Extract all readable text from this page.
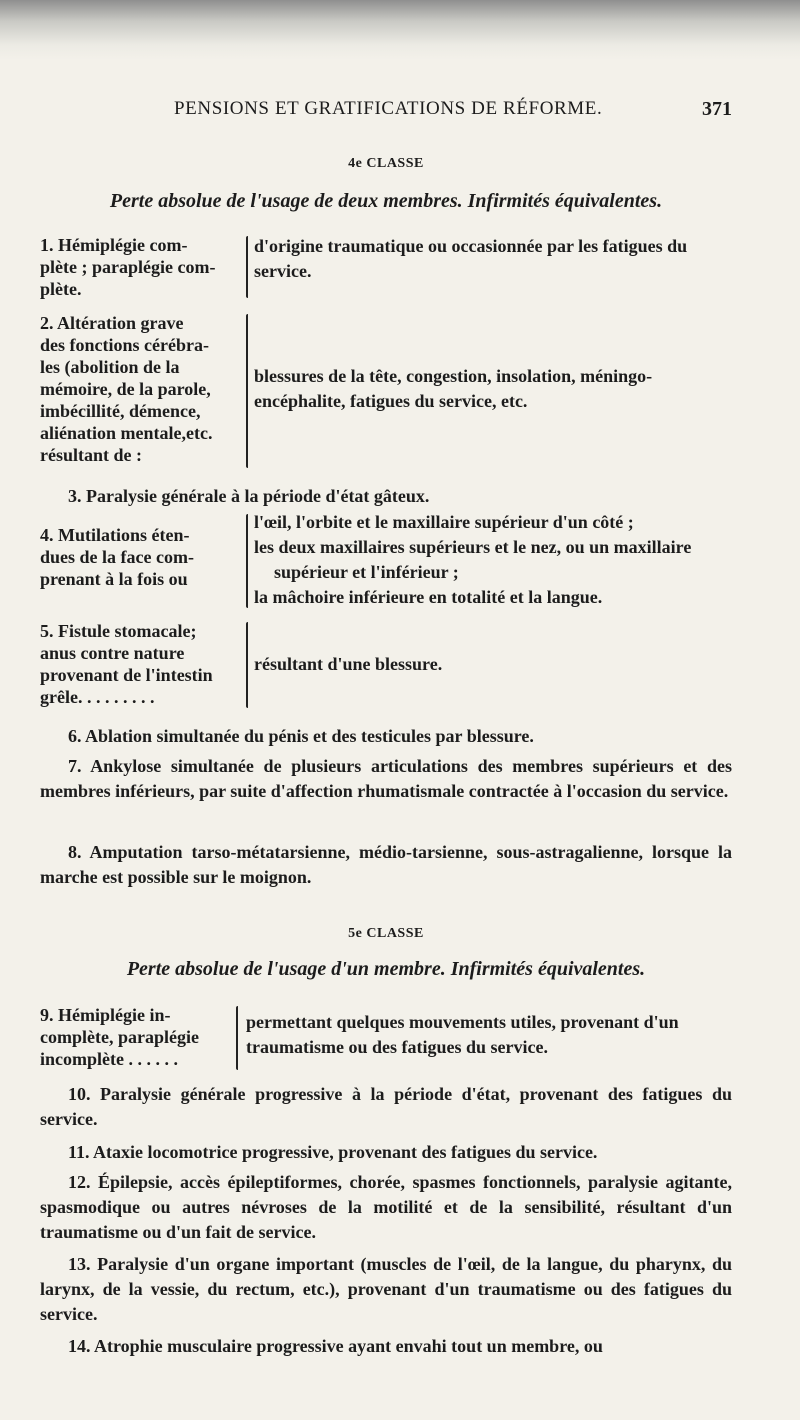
PENSIONS ET GRATIFICATIONS DE RÉFORME.	371
4e CLASSE
Perte absolue de l'usage de deux membres. Infirmités équivalentes.
1. Hémiplégie com-
plète ; paraplégie com-
plète.
d'origine traumatique ou occasionnée par les fatigues du service.
2. Altération grave
des fonctions cérébra-
les (abolition de la
mémoire, de la parole,
imbécillité, démence,
aliénation mentale,etc.
résultant de :
blessures de la tête, congestion, insolation, méningo-encéphalite, fatigues du service, etc.
3. Paralysie générale à la période d'état gâteux.
4. Mutilations éten-
dues de la face com-
prenant à la fois ou
l'œil, l'orbite et le maxillaire supérieur d'un côté ;
les deux maxillaires supérieurs et le nez, ou un maxillaire supérieur et l'inférieur ;
la mâchoire inférieure en totalité et la langue.
5. Fistule stomacale;
anus contre nature
provenant de l'intestin
grêle. . . . . . . . .
résultant d'une blessure.
6. Ablation simultanée du pénis et des testicules par blessure.
7. Ankylose simultanée de plusieurs articulations des membres supérieurs et des membres inférieurs, par suite d'affection rhumatismale contractée à l'occasion du service.
8. Amputation tarso-métatarsienne, médio-tarsienne, sous-astragalienne, lorsque la marche est possible sur le moignon.
5e CLASSE
Perte absolue de l'usage d'un membre. Infirmités équivalentes.
9. Hémiplégie in-
complète, paraplégie
incomplète . . . . . .
permettant quelques mouvements utiles, provenant d'un traumatisme ou des fatigues du service.
10. Paralysie générale progressive à la période d'état, provenant des fatigues du service.
11. Ataxie locomotrice progressive, provenant des fatigues du service.
12. Épilepsie, accès épileptiformes, chorée, spasmes fonctionnels, paralysie agitante, spasmodique ou autres névroses de la motilité et de la sensibilité, résultant d'un traumatisme ou d'un fait de service.
13. Paralysie d'un organe important (muscles de l'œil, de la langue, du pharynx, du larynx, de la vessie, du rectum, etc.), provenant d'un traumatisme ou des fatigues du service.
14. Atrophie musculaire progressive ayant envahi tout un membre, ou
